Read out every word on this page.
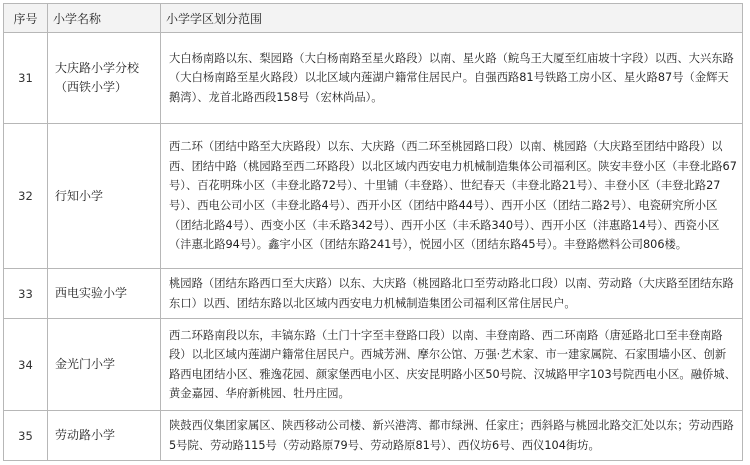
序号	小学名称	小学学区划分范围
31	大庆路小学分校（西铁小学）	大白杨南路以东、梨园路（大白杨南路至星火路段）以南、星火路（鲩鸟王大厦至红庙坡十字段）以西、大兴东路（大白杨南路至星火路段）以北区域内莲湖户籍常住居民户。自强西路81号铁路工房小区、星火路87号（金辉天鹅湾）、龙首北路西段158号（宏林尚品）。
32	行知小学	西二环（团结中路至大庆路段）以东、大庆路（西二环至桃园路口段）以南、桃园路（大庆路至团结中路段）以西、团结中路（桃园路至西二环路段）以北区域内西安电力机械制造集体公司福利区。陕安丰登小区（丰登北路67号）、百花明珠小区（丰登北路72号）、十里铺（丰登路）、世纪春天（丰登北路21号）、丰登小区（丰登北路27号）、西电公司小区（丰登北路4号）、西开小区（团结中路44号）、西开小区（团结二路2号）、电瓷研究所小区（团结北路4号）、西变小区（丰禾路342号）、西开小区（丰禾路340号）、西开小区（沣惠路14号）、西瓷小区（沣惠北路94号）。鑫宇小区（团结东路241号），悦园小区（团结东路45号）。丰登路燃料公司806楼。
33	西电实验小学	桃园路（团结东路西口至大庆路）以东、大庆路（桃园路北口至劳动路北口段）以南、劳动路（大庆路至团结东路东口）以西、团结东路以北区域内西安电力机械制造集团公司福利区常住居民户。
34	金光门小学	西二环路南段以东，丰镐东路（土门十字至丰登路口段）以南、丰登南路、西二环南路（唐延路北口至丰登南路段）以北区域内莲湖户籍常住居民户。西城芳洲、摩尔公馆、万强·艺术家、市一建家属院、石家围墙小区、创新路西电团结小区、雅逸花园、颜家堡西电小区、庆安昆明路小区50号院、汉城路甲字103号院西电小区。融侨城、黄金嘉园、华府新桃园、牡丹庄园。
35	劳动路小学	陕鼓西仪集团家属区、陕西移动公司楼、新兴港湾、都市绿洲、任家庄；西斜路与桃园北路交汇处以东；劳动西路5号院、劳动路115号（劳动路原79号、劳动路原81号）、西仪坊6号、西仪104街坊。
